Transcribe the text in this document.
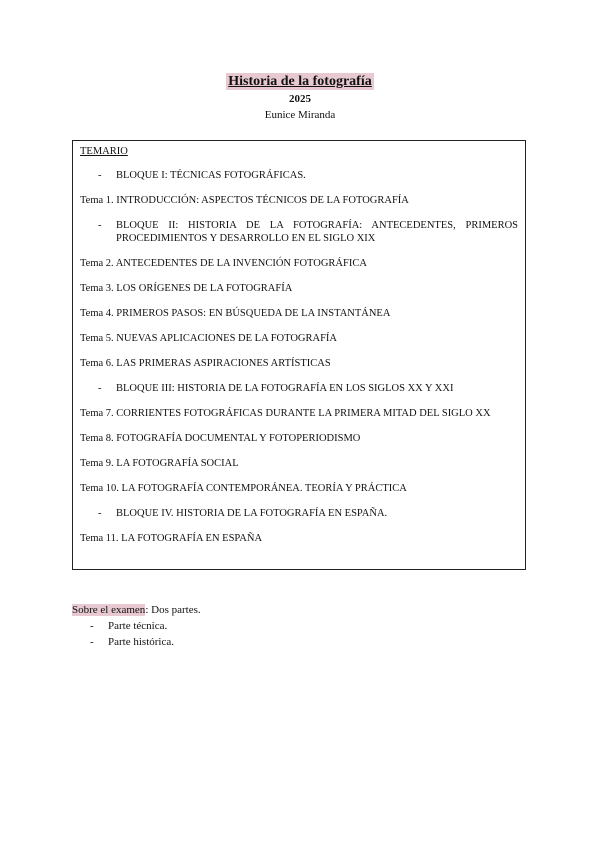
Historia de la fotografía
2025
Eunice Miranda
TEMARIO
-	BLOQUE I: TÉCNICAS FOTOGRÁFICAS.
Tema 1. INTRODUCCIÓN: ASPECTOS TÉCNICOS DE LA FOTOGRAFÍA
-	BLOQUE II: HISTORIA DE LA FOTOGRAFÍA: ANTECEDENTES, PRIMEROS PROCEDIMIENTOS Y DESARROLLO EN EL SIGLO XIX
Tema 2. ANTECEDENTES DE LA INVENCIÓN FOTOGRÁFICA
Tema 3. LOS ORÍGENES DE LA FOTOGRAFÍA
Tema 4. PRIMEROS PASOS: EN BÚSQUEDA DE LA INSTANTÁNEA
Tema 5. NUEVAS APLICACIONES DE LA FOTOGRAFÍA
Tema 6. LAS PRIMERAS ASPIRACIONES ARTÍSTICAS
-	BLOQUE III: HISTORIA DE LA FOTOGRAFÍA EN LOS SIGLOS XX Y XXI
Tema 7. CORRIENTES FOTOGRÁFICAS DURANTE LA PRIMERA MITAD DEL SIGLO XX
Tema 8. FOTOGRAFÍA DOCUMENTAL Y FOTOPERIODISMO
Tema 9. LA FOTOGRAFÍA SOCIAL
Tema 10. LA FOTOGRAFÍA CONTEMPORÁNEA. TEORÍA Y PRÁCTICA
-	BLOQUE IV. HISTORIA DE LA FOTOGRAFÍA EN ESPAÑA.
Tema 11. LA FOTOGRAFÍA EN ESPAÑA
Sobre el examen: Dos partes.
-	Parte técnica.
-	Parte histórica.
